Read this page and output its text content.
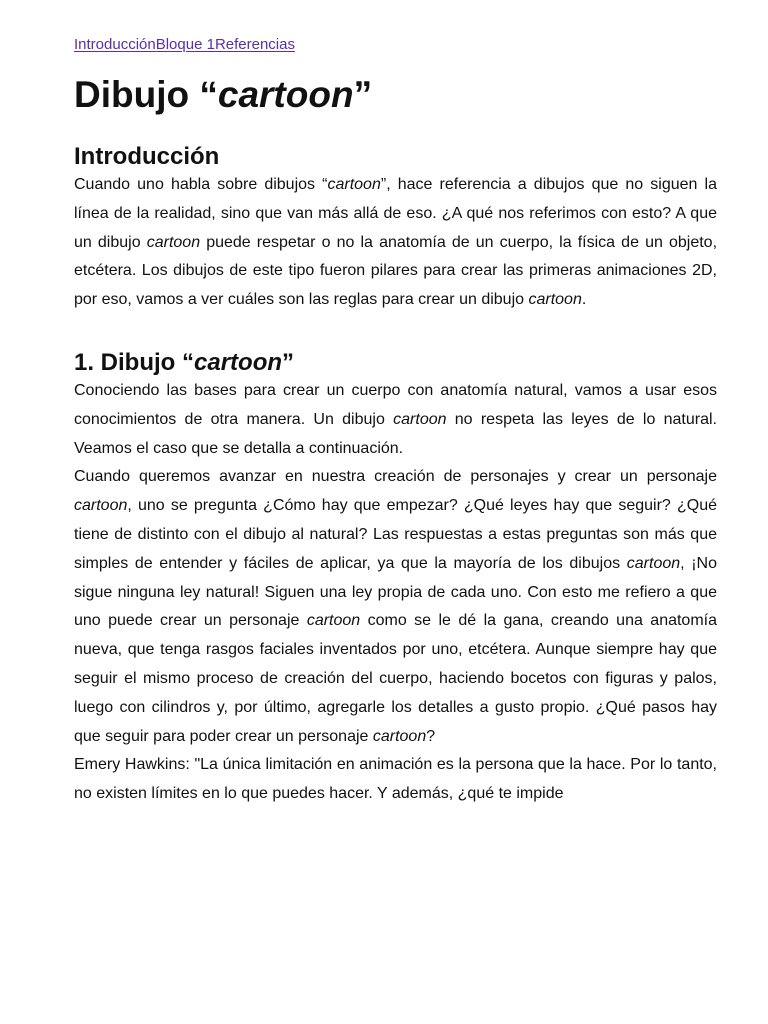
IntroducciónBloque 1Referencias
Dibujo “cartoon”
Introducción

Cuando uno habla sobre dibujos “cartoon”, hace referencia a dibujos que no siguen la línea de la realidad, sino que van más allá de eso. ¿A qué nos referimos con esto? A que un dibujo cartoon puede respetar o no la anatomía de un cuerpo, la física de un objeto, etcétera. Los dibujos de este tipo fueron pilares para crear las primeras animaciones 2D, por eso, vamos a ver cuáles son las reglas para crear un dibujo cartoon.

1. Dibujo “cartoon”

Conociendo las bases para crear un cuerpo con anatomía natural, vamos a usar esos conocimientos de otra manera. Un dibujo cartoon no respeta las leyes de lo natural. Veamos el caso que se detalla a continuación.

Cuando queremos avanzar en nuestra creación de personajes y crear un personaje cartoon, uno se pregunta ¿Cómo hay que empezar? ¿Qué leyes hay que seguir? ¿Qué tiene de distinto con el dibujo al natural? Las respuestas a estas preguntas son más que simples de entender y fáciles de aplicar, ya que la mayoría de los dibujos cartoon, ¡No sigue ninguna ley natural! Siguen una ley propia de cada uno. Con esto me refiero a que uno puede crear un personaje cartoon como se le dé la gana, creando una anatomía nueva, que tenga rasgos faciales inventados por uno, etcétera. Aunque siempre hay que seguir el mismo proceso de creación del cuerpo, haciendo bocetos con figuras y palos, luego con cilindros y, por último, agregarle los detalles a gusto propio. ¿Qué pasos hay que seguir para poder crear un personaje cartoon?

Emery Hawkins: "La única limitación en animación es la persona que la hace. Por lo tanto, no existen límites en lo que puedes hacer. Y además, ¿qué te impide
